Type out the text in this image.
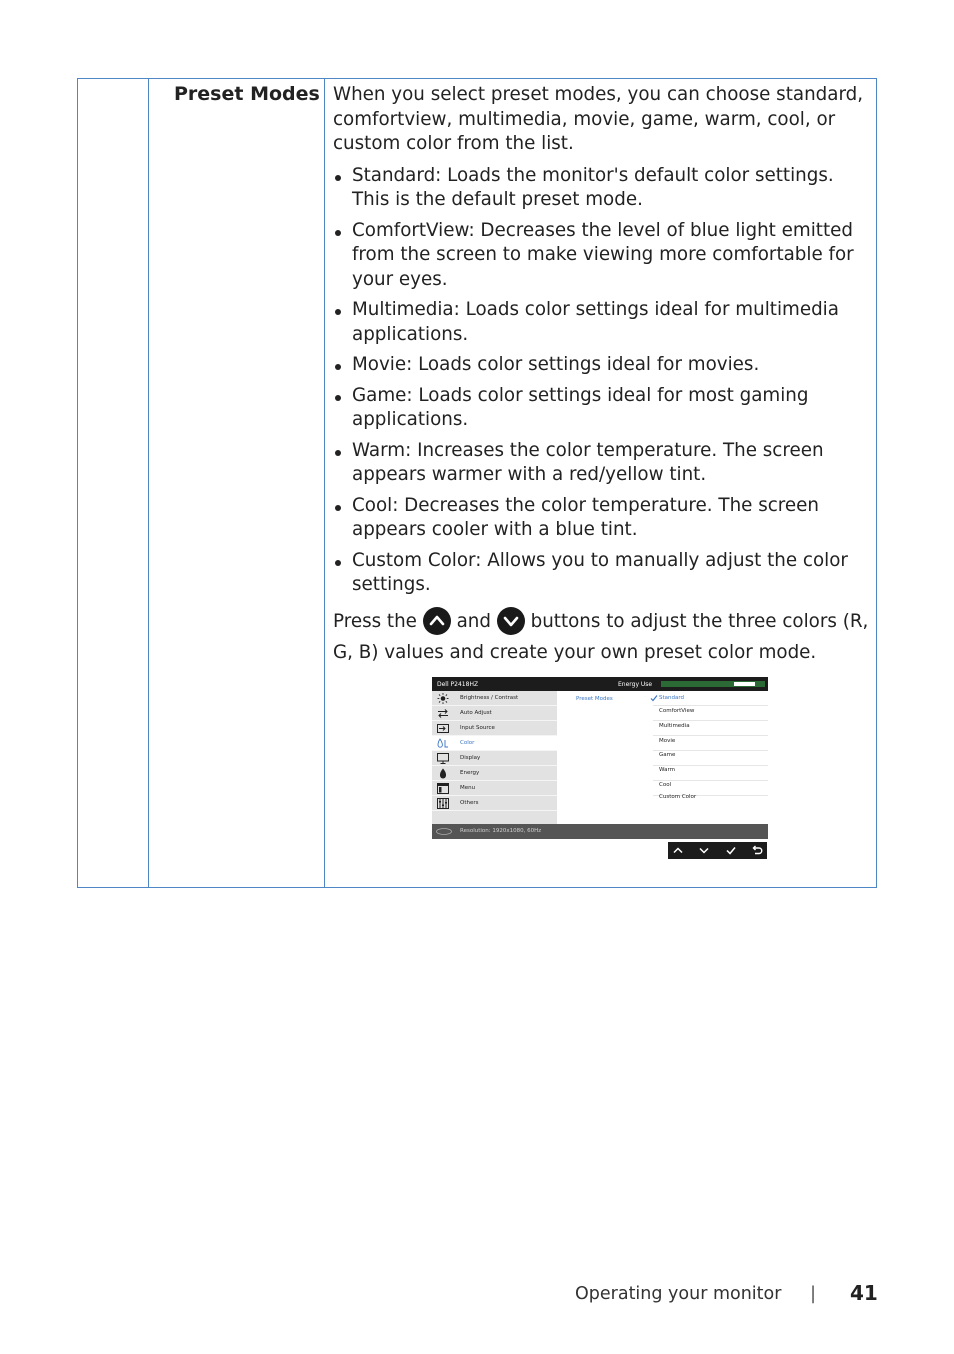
Preset Modes When you select preset modes, you can choose standard, comfortview, multimedia, movie, game, warm, cool, or custom color from the list.

Standard: Loads the monitor's default color settings. This is the default preset mode.
ComfortView: Decreases the level of blue light emitted from the screen to make viewing more comfortable for your eyes.
Multimedia: Loads color settings ideal for multimedia applications.
Movie: Loads color settings ideal for movies.
Game: Loads color settings ideal for most gaming applications.
Warm: Increases the color temperature. The screen appears warmer with a red/yellow tint.
Cool: Decreases the color temperature. The screen appears cooler with a blue tint.
Custom Color: Allows you to manually adjust the color settings.
Press the and buttons to adjust the three colors (R, G, B) values and create your own preset color mode.
Dell P2418HZ	Energy Use
Brightness / Contrast
Auto Adjust
Input Source
Color
Display
Energy
Menu
Others
Preset Modes	Standard
ComfortView
Multimedia
Movie
Game
Warm
Cool
Custom Color
Resolution: 1920x1080, 60Hz
Operating your monitor | 41
